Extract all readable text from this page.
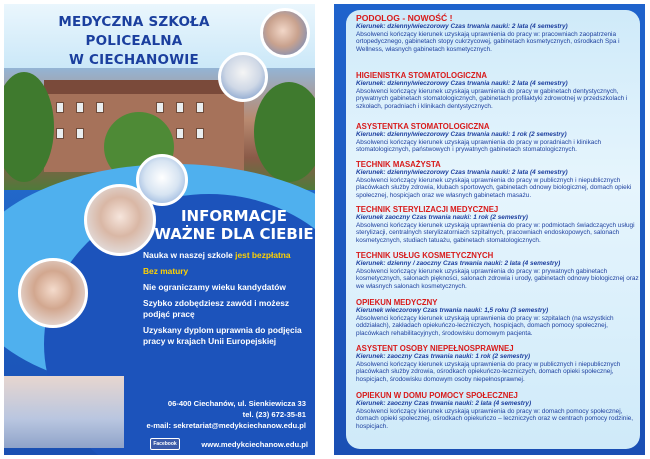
MEDYCZNA SZKOŁA POLICEALNA
W CIECHANOWIE
INFORMACJE
WAŻNE DLA CIEBIE
Nauka w naszej szkole jest bezpłatna
Bez matury
Nie ograniczamy wieku kandydatów
Szybko zdobędziesz zawód i możesz podjąć pracę
Uzyskany dyplom uprawnia do podjęcia pracy w krajach Unii Europejskiej
06-400 Ciechanów, ul. Sienkiewicza 33
tel. (23) 672-35-81
e-mail: sekretariat@medykciechanow.edu.pl
Facebook	www.medykciechanow.edu.pl
PODOLOG - NOWOŚĆ !
Kierunek: dzienny/wieczorowy Czas trwania nauki: 2 lata (4 semestry)
Absolwenci kończący kierunek uzyskają uprawnienia do pracy w: pracowniach zaopatrzenia ortopedycznego, gabinetach stopy cukrzycowej, gabinetach kosmetycznych, ośrodkach Spa i Wellness, własnych gabinetach kosmetycznych.
HIGIENISTKA STOMATOLOGICZNA
Kierunek: dzienny/wieczorowy Czas trwania nauki: 2 lata (4 semestry)
Absolwenci kończący kierunek uzyskają uprawnienia do pracy w gabinetach dentystycznych, prywatnych gabinetach stomatologicznych, gabinetach profilaktyki zdrowotnej w przedszkolach i szkołach, poradniach i klinikach dentystycznych.
ASYSTENTKA STOMATOLOGICZNA
Kierunek: dzienny/wieczorowy Czas trwania nauki: 1 rok (2 semestry)
Absolwenci kończący kierunek uzyskają uprawnienia do pracy w poradniach i klinikach stomatologicznych, państwowych i prywatnych gabinetach stomatologicznych.
TECHNIK MASAŻYSTA
Kierunek: dzienny/wieczorowy Czas trwania nauki: 2 lata (4 semestry)
Absolwenci kończący kierunek uzyskają uprawnienia do pracy w publicznych i niepublicznych placówkach służby zdrowia, klubach sportowych, gabinetach odnowy biologicznej, domach opieki społecznej, hospicjach oraz we własnych gabinetach masażu.
TECHNIK STERYLIZACJI MEDYCZNEJ
Kierunek zaoczny Czas trwania nauki: 1 rok (2 semestry)
Absolwenci kończący kierunek uzyskają uprawnienia do pracy w: podmiotach świadczących usługi sterylizacji, centralnych sterylizatorniach szpitalnych, pracowniach endoskopowych, salonach kosmetycznych, studiach tatuażu, gabinetach stomatologicznych.
TECHNIK USŁUG KOSMETYCZNYCH
Kierunek: dzienny / zaoczny Czas trwania nauki: 2 lata (4 semestry)
Absolwenci kończący kierunek uzyskają uprawnienia do pracy w: prywatnych gabinetach kosmetycznych, salonach piękności, salonach zdrowia i urody, gabinetach odnowy biologicznej oraz we własnych salonach kosmetycznych.
OPIEKUN MEDYCZNY
Kierunek wieczorowy Czas trwania nauki: 1,5 roku (3 semestry)
Absolwenci kończący kierunek uzyskają uprawnienia do pracy w: szpitalach (na wszystkich oddziałach), zakładach opiekuńczo-leczniczych, hospicjach, domach pomocy społecznej, placówkach rehabilitacyjnych, środowisku domowym pacjenta.
ASYSTENT OSOBY NIEPEŁNOSPRAWNEJ
Kierunek: zaoczny Czas trwania nauki: 1 rok (2 semestry)
Absolwenci kończący kierunek uzyskają uprawnienia do pracy w publicznych i niepublicznych placówkach służby zdrowia, ośrodkach opiekuńczo-leczniczych, domach opieki społecznej, hospicjach, środowisku domowym osoby niepełnosprawnej.
OPIEKUN W DOMU POMOCY SPOŁECZNEJ
Kierunek: zaoczny Czas trwania nauki: 2 lata (4 semestry)
Absolwenci kończący kierunek uzyskają uprawnienia do pracy w: domach pomocy społecznej, domach opieki społecznej, ośrodkach opiekuńczo – leczniczych oraz w centrach pomocy rodzinie, hospicjach.
